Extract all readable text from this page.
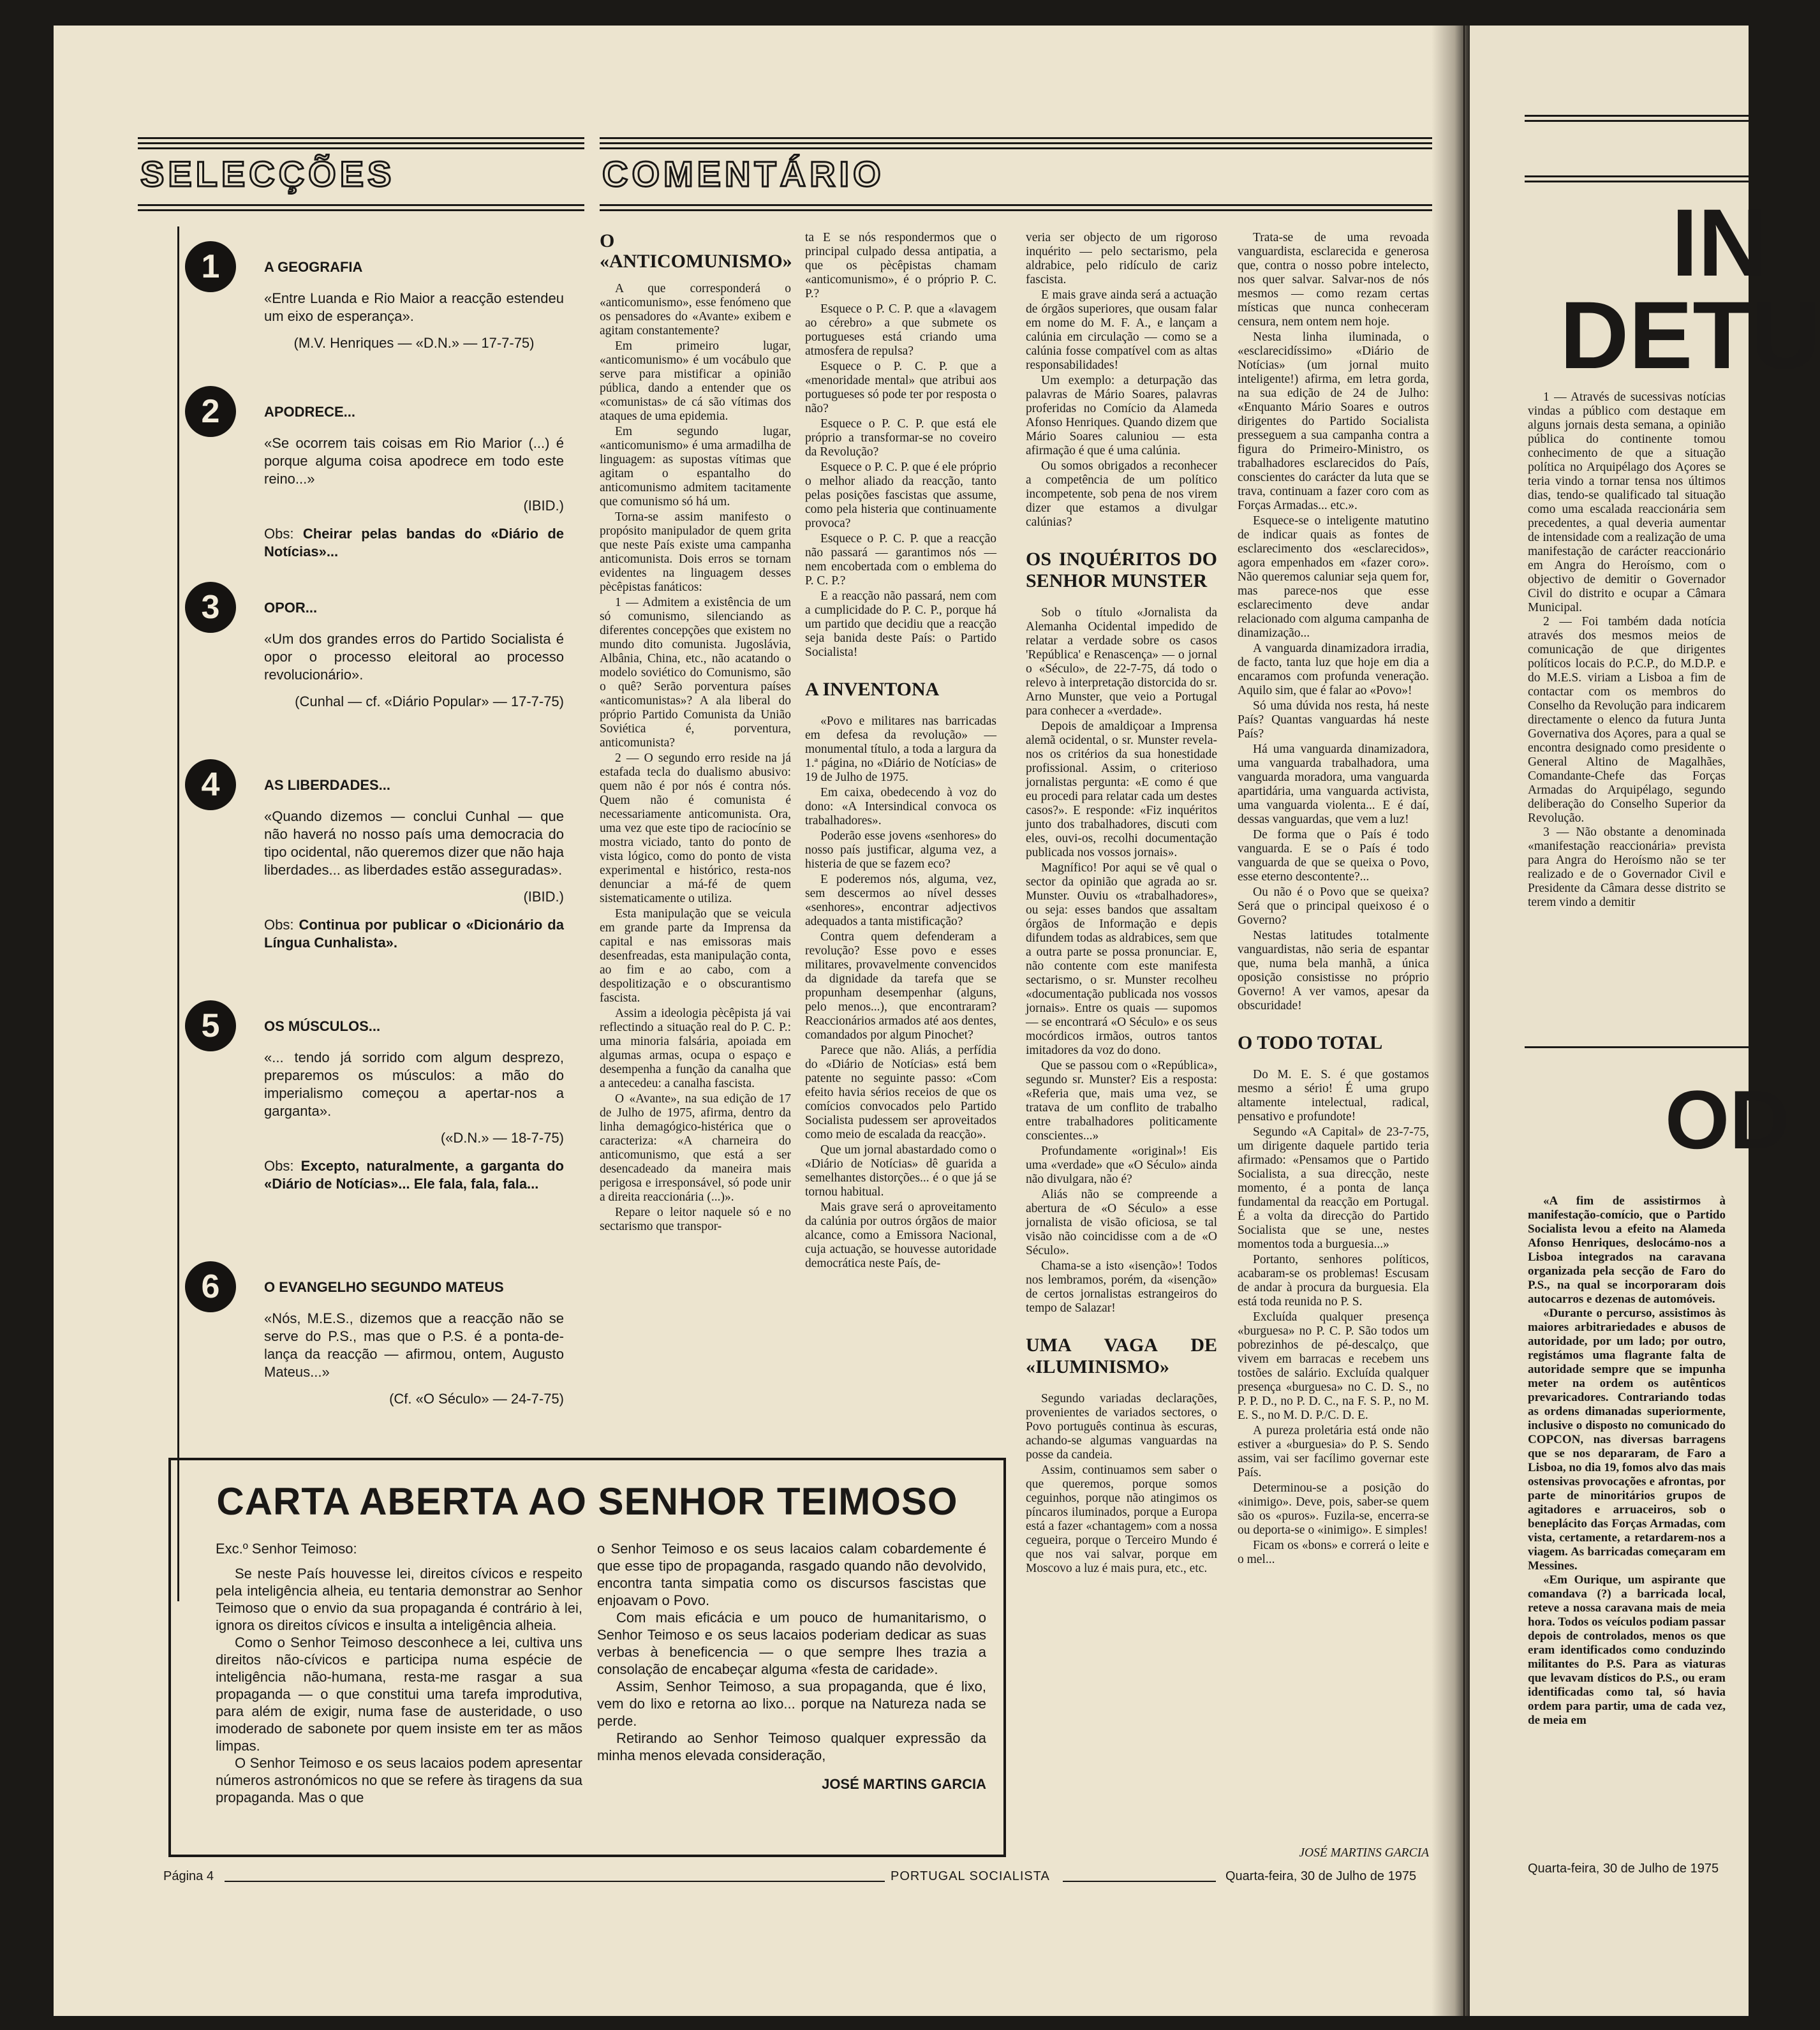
SELECÇÕES	COMENTÁRIO
1	A GEOGRAFIA
«Entre Luanda e Rio Maior a reacção estendeu um eixo de esperança».
(M.V. Henriques — «D.N.» — 17-7-75)
2	APODRECE...
«Se ocorrem tais coisas em Rio Marior (...) é porque alguma coisa apodrece em todo este reino...»
(IBID.)
Obs: Cheirar pelas bandas do «Diário de Notícias»...
3	OPOR...
«Um dos grandes erros do Partido Socialista é opor o processo eleitoral ao processo revolucionário».
(Cunhal — cf. «Diário Popular» — 17-7-75)
4	AS LIBERDADES...
«Quando dizemos — conclui Cunhal — que não haverá no nosso país uma democracia do tipo ocidental, não queremos dizer que não haja liberdades... as liberdades estão asseguradas».
(IBID.)
Obs: Continua por publicar o «Dicionário da Língua Cunhalista».
5	OS MÚSCULOS...
«... tendo já sorrido com algum desprezo, preparemos os músculos: a mão do imperialismo começou a apertar-nos a garganta».
(«D.N.» — 18-7-75)
Obs: Excepto, naturalmente, a garganta do «Diário de Notícias»... Ele fala, fala, fala...
6	O EVANGELHO SEGUNDO MATEUS
«Nós, M.E.S., dizemos que a reacção não se serve do P.S., mas que o P.S. é a ponta-de-lança da reacção — afirmou, ontem, Augusto Mateus...»
(Cf. «O Século» — 24-7-75)
O «ANTICOMUNISMO»

A que corresponderá o «anticomunismo», esse fenómeno que os pensadores do «Avante» exibem e agitam constantemente?

Em primeiro lugar, «anticomunismo» é um vocábulo que serve para mistificar a opinião pública, dando a entender que os «comunistas» de cá são vítimas dos ataques de uma epidemia.

Em segundo lugar, «anticomunismo» é uma armadilha de linguagem: as supostas vítimas que agitam o espantalho do anticomunismo admitem tacitamente que comunismo só há um.

Torna-se assim manifesto o propósito manipulador de quem grita que neste País existe uma campanha anticomunista. Dois erros se tornam evidentes na linguagem desses pècêpistas fanáticos:

1 — Admitem a existência de um só comunismo, silenciando as diferentes concepções que existem no mundo dito comunista. Jugoslávia, Albânia, China, etc., não acatando o modelo soviético do Comunismo, são o quê? Serão porventura países «anticomunistas»? A ala liberal do próprio Partido Comunista da União Soviética é, porventura, anticomunista?

2 — O segundo erro reside na já estafada tecla do dualismo abusivo: quem não é por nós é contra nós. Quem não é comunista é necessariamente anticomunista. Ora, uma vez que este tipo de raciocínio se mostra viciado, tanto do ponto de vista lógico, como do ponto de vista experimental e histórico, resta-nos denunciar a má-fé de quem sistematicamente o utiliza.

Esta manipulação que se veicula em grande parte da Imprensa da capital e nas emissoras mais desenfreadas, esta manipulação conta, ao fim e ao cabo, com a despolitização e o obscurantismo fascista.

Assim a ideologia pècêpista já vai reflectindo a situação real do P. C. P.: uma minoria falsária, apoiada em algumas armas, ocupa o espaço e desempenha a função da canalha que a antecedeu: a canalha fascista.

O «Avante», na sua edição de 17 de Julho de 1975, afirma, dentro da linha demagógico-histérica que o caracteriza: «A charneira do anticomunismo, que está a ser desencadeado da maneira mais perigosa e irresponsável, só pode unir a direita reaccionária (...)».

Repare o leitor naquele só e no sectarismo que transpor-

ta E se nós respondermos que o principal culpado dessa antipatia, a que os pècêpistas chamam «anticomunismo», é o próprio P. C. P.?

Esquece o P. C. P. que a «lavagem ao cérebro» a que submete os portugueses está criando uma atmosfera de repulsa?

Esquece o P. C. P. que a «menoridade mental» que atribui aos portugueses só pode ter por resposta o não?

Esquece o P. C. P. que está ele próprio a transformar-se no coveiro da Revolução?

Esquece o P. C. P. que é ele próprio o melhor aliado da reacção, tanto pelas posições fascistas que assume, como pela histeria que continuamente provoca?

Esquece o P. C. P. que a reacção não passará — garantimos nós — nem encobertada com o emblema do P. C. P.?

E a reacção não passará, nem com a cumplicidade do P. C. P., porque há um partido que decidiu que a reacção seja banida deste País: o Partido Socialista!

A INVENTONA

«Povo e militares nas barricadas em defesa da revolução» — monumental título, a toda a largura da 1.ª página, no «Diário de Notícias» de 19 de Julho de 1975.

Em caixa, obedecendo à voz do dono: «A Intersindical convoca os trabalhadores».

Poderão esse jovens «senhores» do nosso país justificar, alguma vez, a histeria de que se fazem eco?

E poderemos nós, alguma, vez, sem descermos ao nível desses «senhores», encontrar adjectivos adequados a tanta mistificação?

Contra quem defenderam a revolução? Esse povo e esses militares, provavelmente convencidos da dignidade da tarefa que se propunham desempenhar (alguns, pelo menos...), que encontraram? Reaccionários armados até aos dentes, comandados por algum Pinochet?

Parece que não. Aliás, a perfídia do «Diário de Notícias» está bem patente no seguinte passo: «Com efeito havia sérios receios de que os comícios convocados pelo Partido Socialista pudessem ser aproveitados como meio de escalada da reacção».

Que um jornal abastardado como o «Diário de Notícias» dê guarida a semelhantes distorções... é o que já se tornou habitual.

Mais grave será o aproveitamento da calúnia por outros órgãos de maior alcance, como a Emissora Nacional, cuja actuação, se houvesse autoridade democrática neste País, de-

veria ser objecto de um rigoroso inquérito — pelo sectarismo, pela aldrabice, pelo ridículo de cariz fascista.

E mais grave ainda será a actuação de órgãos superiores, que ousam falar em nome do M. F. A., e lançam a calúnia em circulação — como se a calúnia fosse compatível com as altas responsabilidades!

Um exemplo: a deturpação das palavras de Mário Soares, palavras proferidas no Comício da Alameda Afonso Henriques. Quando dizem que Mário Soares caluniou — esta afirmação é que é uma calúnia.

Ou somos obrigados a reconhecer a competência de um político incompetente, sob pena de nos virem dizer que estamos a divulgar calúnias?

OS INQUÉRITOS DO SENHOR MUNSTER

Sob o título «Jornalista da Alemanha Ocidental impedido de relatar a verdade sobre os casos 'República' e Renascença» — o jornal o «Século», de 22-7-75, dá todo o relevo à interpretação distorcida do sr. Arno Munster, que veio a Portugal para conhecer a «verdade».

Depois de amaldiçoar a Imprensa alemã ocidental, o sr. Munster revela-nos os critérios da sua honestidade profissional. Assim, o criterioso jornalistas pergunta: «E como é que eu procedi para relatar cada um destes casos?». E responde: «Fiz inquéritos junto dos trabalhadores, discuti com eles, ouvi-os, recolhi documentação publicada nos vossos jornais».

Magnífico! Por aqui se vê qual o sector da opinião que agrada ao sr. Munster. Ouviu os «trabalhadores», ou seja: esses bandos que assaltam órgãos de Informação e depis difundem todas as aldrabices, sem que a outra parte se possa pronunciar. E, não contente com este manifesta sectarismo, o sr. Munster recolheu «documentação publicada nos vossos jornais». Entre os quais — supomos — se encontrará «O Século» e os seus mocórdicos irmãos, outros tantos imitadores da voz do dono.

Que se passou com o «República», segundo sr. Munster? Eis a resposta: «Referia que, mais uma vez, se tratava de um conflito de trabalho entre trabalhadores politicamente conscientes...»

Profundamente «original»! Eis uma «verdade» que «O Século» ainda não divulgara, não é?

Aliás não se compreende a abertura de «O Século» a esse jornalista de visão oficiosa, se tal visão não coincidisse com a de «O Século».

Chama-se a isto «isenção»! Todos nos lembramos, porém, da «isenção» de certos jornalistas estrangeiros do tempo de Salazar!

UMA VAGA DE «ILUMINISMO»

Segundo variadas declarações, provenientes de variados sectores, o Povo português continua às escuras, achando-se algumas vanguardas na posse da candeia.

Assim, continuamos sem saber o que queremos, porque somos ceguinhos, porque não atingimos os píncaros iluminados, porque a Europa está a fazer «chantagem» com a nossa cegueira, porque o Terceiro Mundo é que nos vai salvar, porque em Moscovo a luz é mais pura, etc., etc.

Trata-se de uma revoada vanguardista, esclarecida e generosa que, contra o nosso pobre intelecto, nos quer salvar. Salvar-nos de nós mesmos — como rezam certas místicas que nunca conheceram censura, nem ontem nem hoje.

Nesta linha iluminada, o «esclarecidíssimo» «Diário de Notícias» (um jornal muito inteligente!) afirma, em letra gorda, na sua edição de 24 de Julho: «Enquanto Mário Soares e outros dirigentes do Partido Socialista presseguem a sua campanha contra a figura do Primeiro-Ministro, os trabalhadores esclarecidos do País, conscientes do carácter da luta que se trava, continuam a fazer coro com as Forças Armadas... etc.».

Esquece-se o inteligente matutino de indicar quais as fontes de esclarecimento dos «esclarecidos», agora empenhados em «fazer coro». Não queremos caluniar seja quem for, mas parece-nos que esse esclarecimento deve andar relacionado com alguma campanha de dinamização...

A vanguarda dinamizadora irradia, de facto, tanta luz que hoje em dia a encaramos com profunda veneração. Aquilo sim, que é falar ao «Povo»!

Só uma dúvida nos resta, há neste País? Quantas vanguardas há neste País?

Há uma vanguarda dinamizadora, uma vanguarda trabalhadora, uma vanguarda moradora, uma vanguarda apartidária, uma vanguarda activista, uma vanguarda violenta... E é daí, dessas vanguardas, que vem a luz!

De forma que o País é todo vanguarda. E se o País é todo vanguarda de que se queixa o Povo, esse eterno descontente?...

Ou não é o Povo que se queixa? Será que o principal queixoso é o Governo?

Nestas latitudes totalmente vanguardistas, não seria de espantar que, numa bela manhã, a única oposição consistisse no próprio Governo! A ver vamos, apesar da obscuridade!

O TODO TOTAL

Do M. E. S. é que gostamos mesmo a sério! É uma grupo altamente intelectual, radical, pensativo e profundote!

Segundo «A Capital» de 23-7-75, um dirigente daquele partido teria afirmado: «Pensamos que o Partido Socialista, a sua direcção, neste momento, é a ponta de lança fundamental da reacção em Portugal. É a volta da direcção do Partido Socialista que se une, nestes momentos toda a burguesia...»

Portanto, senhores políticos, acabaram-se os problemas! Escusam de andar à procura da burguesia. Ela está toda reunida no P. S.

Excluída qualquer presença «burguesa» no P. C. P. São todos um pobrezinhos de pé-descalço, que vivem em barracas e recebem uns tostões de salário. Excluída qualquer presença «burguesa» no C. D. S., no P. P. D., no P. D. C., na F. S. P., no M. E. S., no M. D. P./C. D. E.

A pureza proletária está onde não estiver a «burguesia» do P. S. Sendo assim, vai ser facílimo governar este País.

Determinou-se a posição do «inimigo». Deve, pois, saber-se quem são os «puros». Fuzila-se, encerra-se ou deporta-se o «inimigo». E simples!

Ficam os «bons» e correrá o leite e o mel...

JOSÉ MARTINS GARCIA
CARTA ABERTA AO SENHOR TEIMOSO
Exc.º Senhor Teimoso:

Se neste País houvesse lei, direitos cívicos e respeito pela inteligência alheia, eu tentaria demonstrar ao Senhor Teimoso que o envio da sua propaganda é contrário à lei, ignora os direitos cívicos e insulta a inteligência alheia.

Como o Senhor Teimoso desconhece a lei, cultiva uns direitos não-cívicos e participa numa espécie de inteligência não-humana, resta-me rasgar a sua propaganda — o que constitui uma tarefa improdutiva, para além de exigir, numa fase de austeridade, o uso imoderado de sabonete por quem insiste em ter as mãos limpas.

O Senhor Teimoso e os seus lacaios podem apresentar números astronómicos no que se refere às tiragens da sua propaganda. Mas o que

o Senhor Teimoso e os seus lacaios calam cobardemente é que esse tipo de propaganda, rasgado quando não devolvido, encontra tanta simpatia como os discursos fascistas que enjoavam o Povo.

Com mais eficácia e um pouco de humanitarismo, o Senhor Teimoso e os seus lacaios poderiam dedicar as suas verbas à beneficencia — o que sempre lhes trazia a consolação de encabeçar alguma «festa de caridade».

Assim, Senhor Teimoso, a sua propaganda, que é lixo, vem do lixo e retorna ao lixo... porque na Natureza nada se perde.

Retirando ao Senhor Teimoso qualquer expressão da minha menos elevada consideração,

JOSÉ MARTINS GARCIA
Página 4	PORTUGAL SOCIALISTA	Quarta-feira, 30 de Julho de 1975
IN
DETU

1 — Através de sucessivas notícias vindas a público com destaque em alguns jornais desta semana, a opinião pública do continente tomou conhecimento de que a situação política no Arquipélago dos Açores se teria vindo a tornar tensa nos últimos dias, tendo-se qualificado tal situação como uma escalada reaccionária sem precedentes, a qual deveria aumentar de intensidade com a realização de uma manifestação de carácter reaccionário em Angra do Heroísmo, com o objectivo de demitir o Governador Civil do distrito e ocupar a Câmara Municipal.

2 — Foi também dada notícia através dos mesmos meios de comunicação de que dirigentes políticos locais do P.C.P., do M.D.P. e do M.E.S. viriam a Lisboa a fim de contactar com os membros do Conselho da Revolução para indicarem directamente o elenco da futura Junta Governativa dos Açores, para a qual se encontra designado como presidente o General Altino de Magalhães, Comandante-Chefe das Forças Armadas do Arquipélago, segundo deliberação do Conselho Superior da Revolução.

3 — Não obstante a denominada «manifestação reaccionária» prevista para Angra do Heroísmo não se ter realizado e de o Governador Civil e Presidente da Câmara desse distrito se terem vindo a demitir

OD

«A fim de assistirmos à manifestação-comício, que o Partido Socialista levou a efeito na Alameda Afonso Henriques, deslocámo-nos a Lisboa integrados na caravana organizada pela secção de Faro do P.S., na qual se incorporaram dois autocarros e dezenas de automóveis.

«Durante o percurso, assistimos às maiores arbitrariedades e abusos de autoridade, por um lado; por outro, registámos uma flagrante falta de autoridade sempre que se impunha meter na ordem os autênticos prevaricadores. Contrariando todas as ordens dimanadas superiormente, inclusive o disposto no comunicado do COPCON, nas diversas barragens que se nos depararam, de Faro a Lisboa, no dia 19, fomos alvo das mais ostensivas provocações e afrontas, por parte de minoritários grupos de agitadores e arruaceiros, sob o beneplácito das Forças Armadas, com vista, certamente, a retardarem-nos a viagem. As barricadas começaram em Messines.

«Em Ourique, um aspirante que comandava (?) a barricada local, reteve a nossa caravana mais de meia hora. Todos os veículos podiam passar depois de controlados, menos os que eram identificados como conduzindo militantes do P.S. Para as viaturas que levavam dísticos do P.S., ou eram identificadas como tal, só havia ordem para partir, uma de cada vez, de meia em

Quarta-feira, 30 de Julho de 1975
